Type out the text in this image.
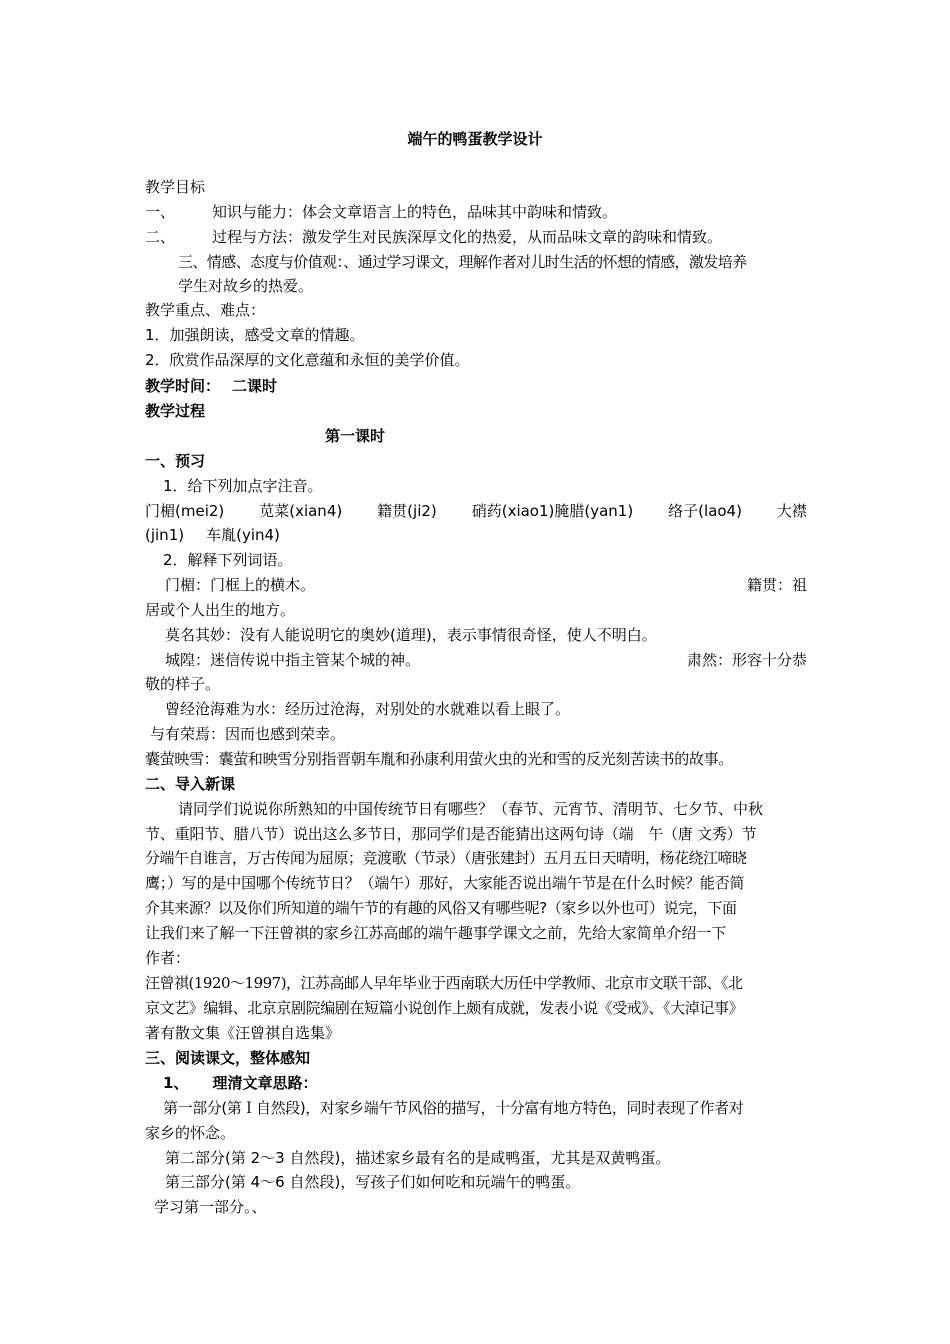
端午的鸭蛋教学设计
教学目标
一、 知识与能力：体会文章语言上的特色，品味其中韵味和情致。
二、 过程与方法：激发学生对民族深厚文化的热爱，从而品味文章的韵味和情致。
三、情感、态度与价值观：、通过学习课文，理解作者对儿时生活的怀想的情感，激发培养
学生对故乡的热爱。
教学重点、难点：
1．加强朗读，感受文章的情趣。
2．欣赏作品深厚的文化意蕴和永恒的美学价值。
教学时间： 二课时
教学过程
第一课时
一、预习
1．给下列加点字注音。
门楣(mei2) 苋菜(xian4) 籍贯(ji2) 硝药(xiao1)腌腊(yan1) 络子(lao4) 大襟
(jin1) 车胤(yin4)
2．解释下列词语。
门楣：门框上的横木。	籍贯：祖
居或个人出生的地方。
莫名其妙：没有人能说明它的奥妙(道理)，表示事情很奇怪，使人不明白。
城隍：迷信传说中指主管某个城的神。	肃然：形容十分恭
敬的样子。
曾经沧海难为水：经历过沧海，对别处的水就难以看上眼了。
与有荣焉：因而也感到荣幸。
囊萤映雪：囊萤和映雪分别指晋朝车胤和孙康利用萤火虫的光和雪的反光刻苦读书的故事。
二、导入新课
请同学们说说你所熟知的中国传统节日有哪些？（春节、元宵节、清明节、七夕节、中秋
节、重阳节、腊八节）说出这么多节日，那同学们是否能猜出这两句诗（端　午（唐 文秀）节
分端午自谁言，万古传闻为屈原；竞渡歌（节录）（唐张建封）五月五日天晴明，杨花绕江啼晓
鹰；）写的是中国哪个传统节日？（端午）那好，大家能否说出端午节是在什么时候？能否简
介其来源？以及你们所知道的端午节的有趣的风俗又有哪些呢?（家乡以外也可）说完，下面
让我们来了解一下汪曾祺的家乡江苏高邮的端午趣事学课文之前，先给大家简单介绍一下
作者：
汪曾祺(1920～1997)，江苏高邮人早年毕业于西南联大历任中学教师、北京市文联干部、《北
京文艺》编辑、北京京剧院编剧在短篇小说创作上颇有成就，发表小说《受戒》、《大淖记事》
著有散文集《汪曾祺自选集》
三、阅读课文，整体感知
1、 理清文章思路：
第一部分(第Ｉ自然段)，对家乡端午节风俗的描写，十分富有地方特色，同时表现了作者对
家乡的怀念。
第二部分(第 2～3 自然段)，描述家乡最有名的是咸鸭蛋，尤其是双黄鸭蛋。
第三部分(第 4～6 自然段)，写孩子们如何吃和玩端午的鸭蛋。
学习第一部分。、
